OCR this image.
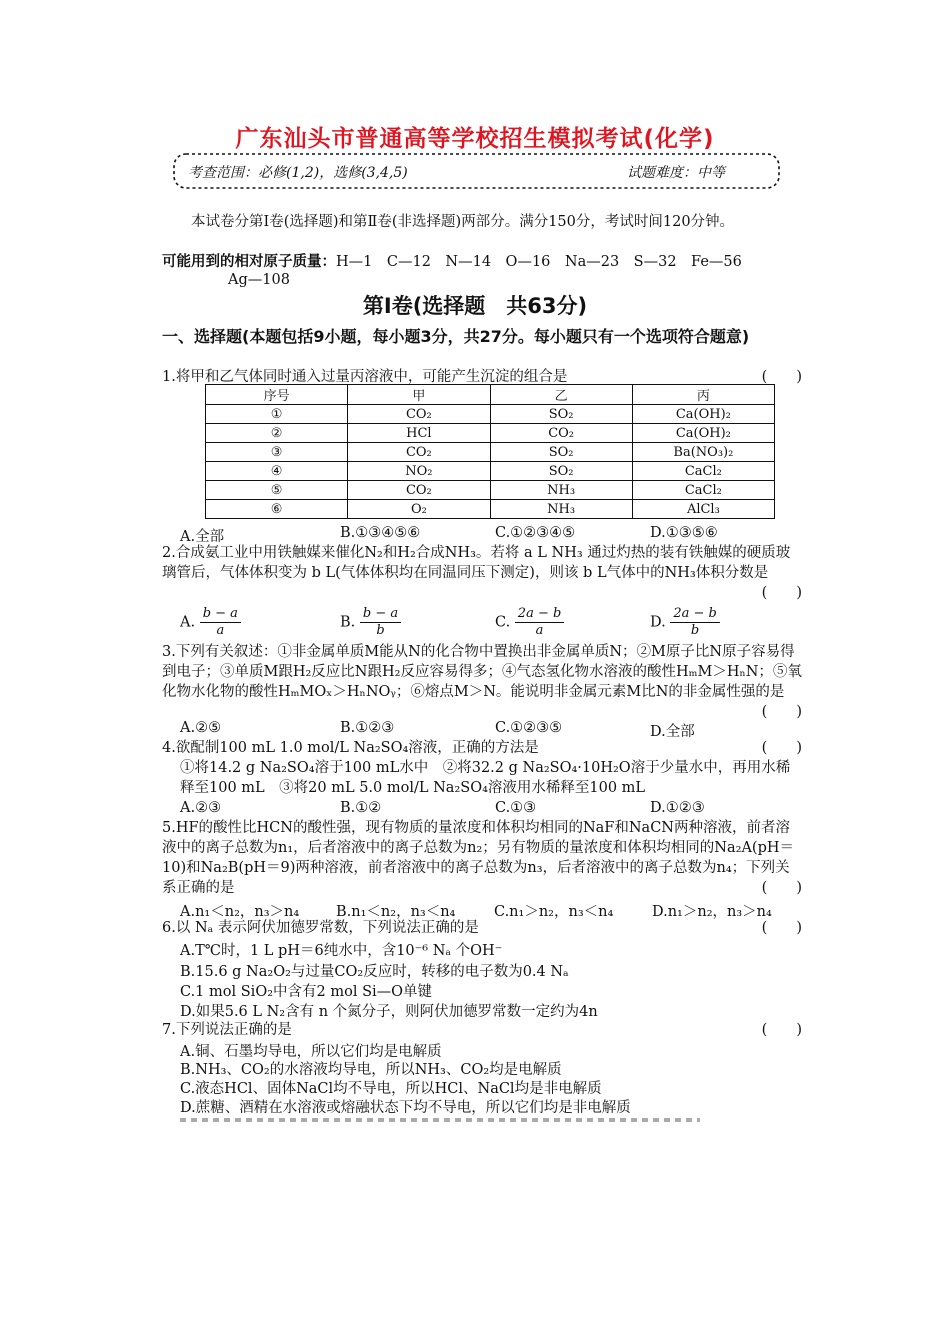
广东汕头市普通高等学校招生模拟考试(化学)
考查范围：必修(1,2)，选修(3,4,5)	试题难度：中等
本试卷分第Ⅰ卷(选择题)和第Ⅱ卷(非选择题)两部分。满分150分，考试时间120分钟。
可能用到的相对原子质量：H—1　C—12　N—14　O—16　Na—23　S—32　Fe—56
Ag—108
第Ⅰ卷(选择题　共63分)
一、选择题(本题包括9小题，每小题3分，共27分。每小题只有一个选项符合题意)
1.将甲和乙气体同时通入过量丙溶液中，可能产生沉淀的组合是	(　　)
序号	甲	乙	丙
①	CO₂	SO₂	Ca(OH)₂
②	HCl	CO₂	Ca(OH)₂
③	CO₂	SO₂	Ba(NO₃)₂
④	NO₂	SO₂	CaCl₂
⑤	CO₂	NH₃	CaCl₂
⑥	O₂	NH₃	AlCl₃
A.全部	B.①③④⑤⑥	C.①②③④⑤	D.①③⑤⑥
2.合成氨工业中用铁触媒来催化N₂和H₂合成NH₃。若将 a L NH₃ 通过灼热的装有铁触媒的硬质玻璃管后，气体体积变为 b L(气体体积均在同温同压下测定)，则该 b L气体中的NH₃体积分数是
(　　)
A. $\frac{b - a}{a}$	B. $\frac{b - a}{b}$	C. $\frac{2a - b}{a}$	D. $\frac{2a - b}{b}$
3.下列有关叙述：①非金属单质M能从N的化合物中置换出非金属单质N；②M原子比N原子容易得到电子；③单质M跟H₂反应比N跟H₂反应容易得多；④气态氢化物水溶液的酸性HₘM＞HₙN；⑤氧化物水化物的酸性HₘMOₓ＞HₙNOᵧ；⑥熔点M＞N。能说明非金属元素M比N的非金属性强的是
(　　)
A.②⑤	B.①②③	C.①②③⑤	D.全部
4.欲配制100 mL 1.0 mol/L Na₂SO₄溶液，正确的方法是	(　　)
①将14.2 g Na₂SO₄溶于100 mL水中　②将32.2 g Na₂SO₄·10H₂O溶于少量水中，再用水稀释至100 mL　③将20 mL 5.0 mol/L Na₂SO₄溶液用水稀释至100 mL
A.②③	B.①②	C.①③	D.①②③
5.HF的酸性比HCN的酸性强，现有物质的量浓度和体积均相同的NaF和NaCN两种溶液，前者溶液中的离子总数为n₁，后者溶液中的离子总数为n₂；另有物质的量浓度和体积均相同的Na₂A(pH＝10)和Na₂B(pH＝9)两种溶液，前者溶液中的离子总数为n₃，后者溶液中的离子总数为n₄；下列关系正确的是	(　　)
A.n₁＜n₂，n₃＞n₄	B.n₁＜n₂，n₃＜n₄	C.n₁＞n₂，n₃＜n₄	D.n₁＞n₂，n₃＞n₄
6.以 Nₐ 表示阿伏加德罗常数，下列说法正确的是	(　　)
A.T℃时，1 L pH＝6纯水中，含10⁻⁶ Nₐ 个OH⁻
B.15.6 g Na₂O₂与过量CO₂反应时，转移的电子数为0.4 Nₐ
C.1 mol SiO₂中含有2 mol Si—O单键
D.如果5.6 L N₂含有 n 个氮分子，则阿伏加德罗常数一定约为4n
7.下列说法正确的是	(　　)
A.铜、石墨均导电，所以它们均是电解质
B.NH₃、CO₂的水溶液均导电，所以NH₃、CO₂均是电解质
C.液态HCl、固体NaCl均不导电，所以HCl、NaCl均是非电解质
D.蔗糖、酒精在水溶液或熔融状态下均不导电，所以它们均是非电解质
